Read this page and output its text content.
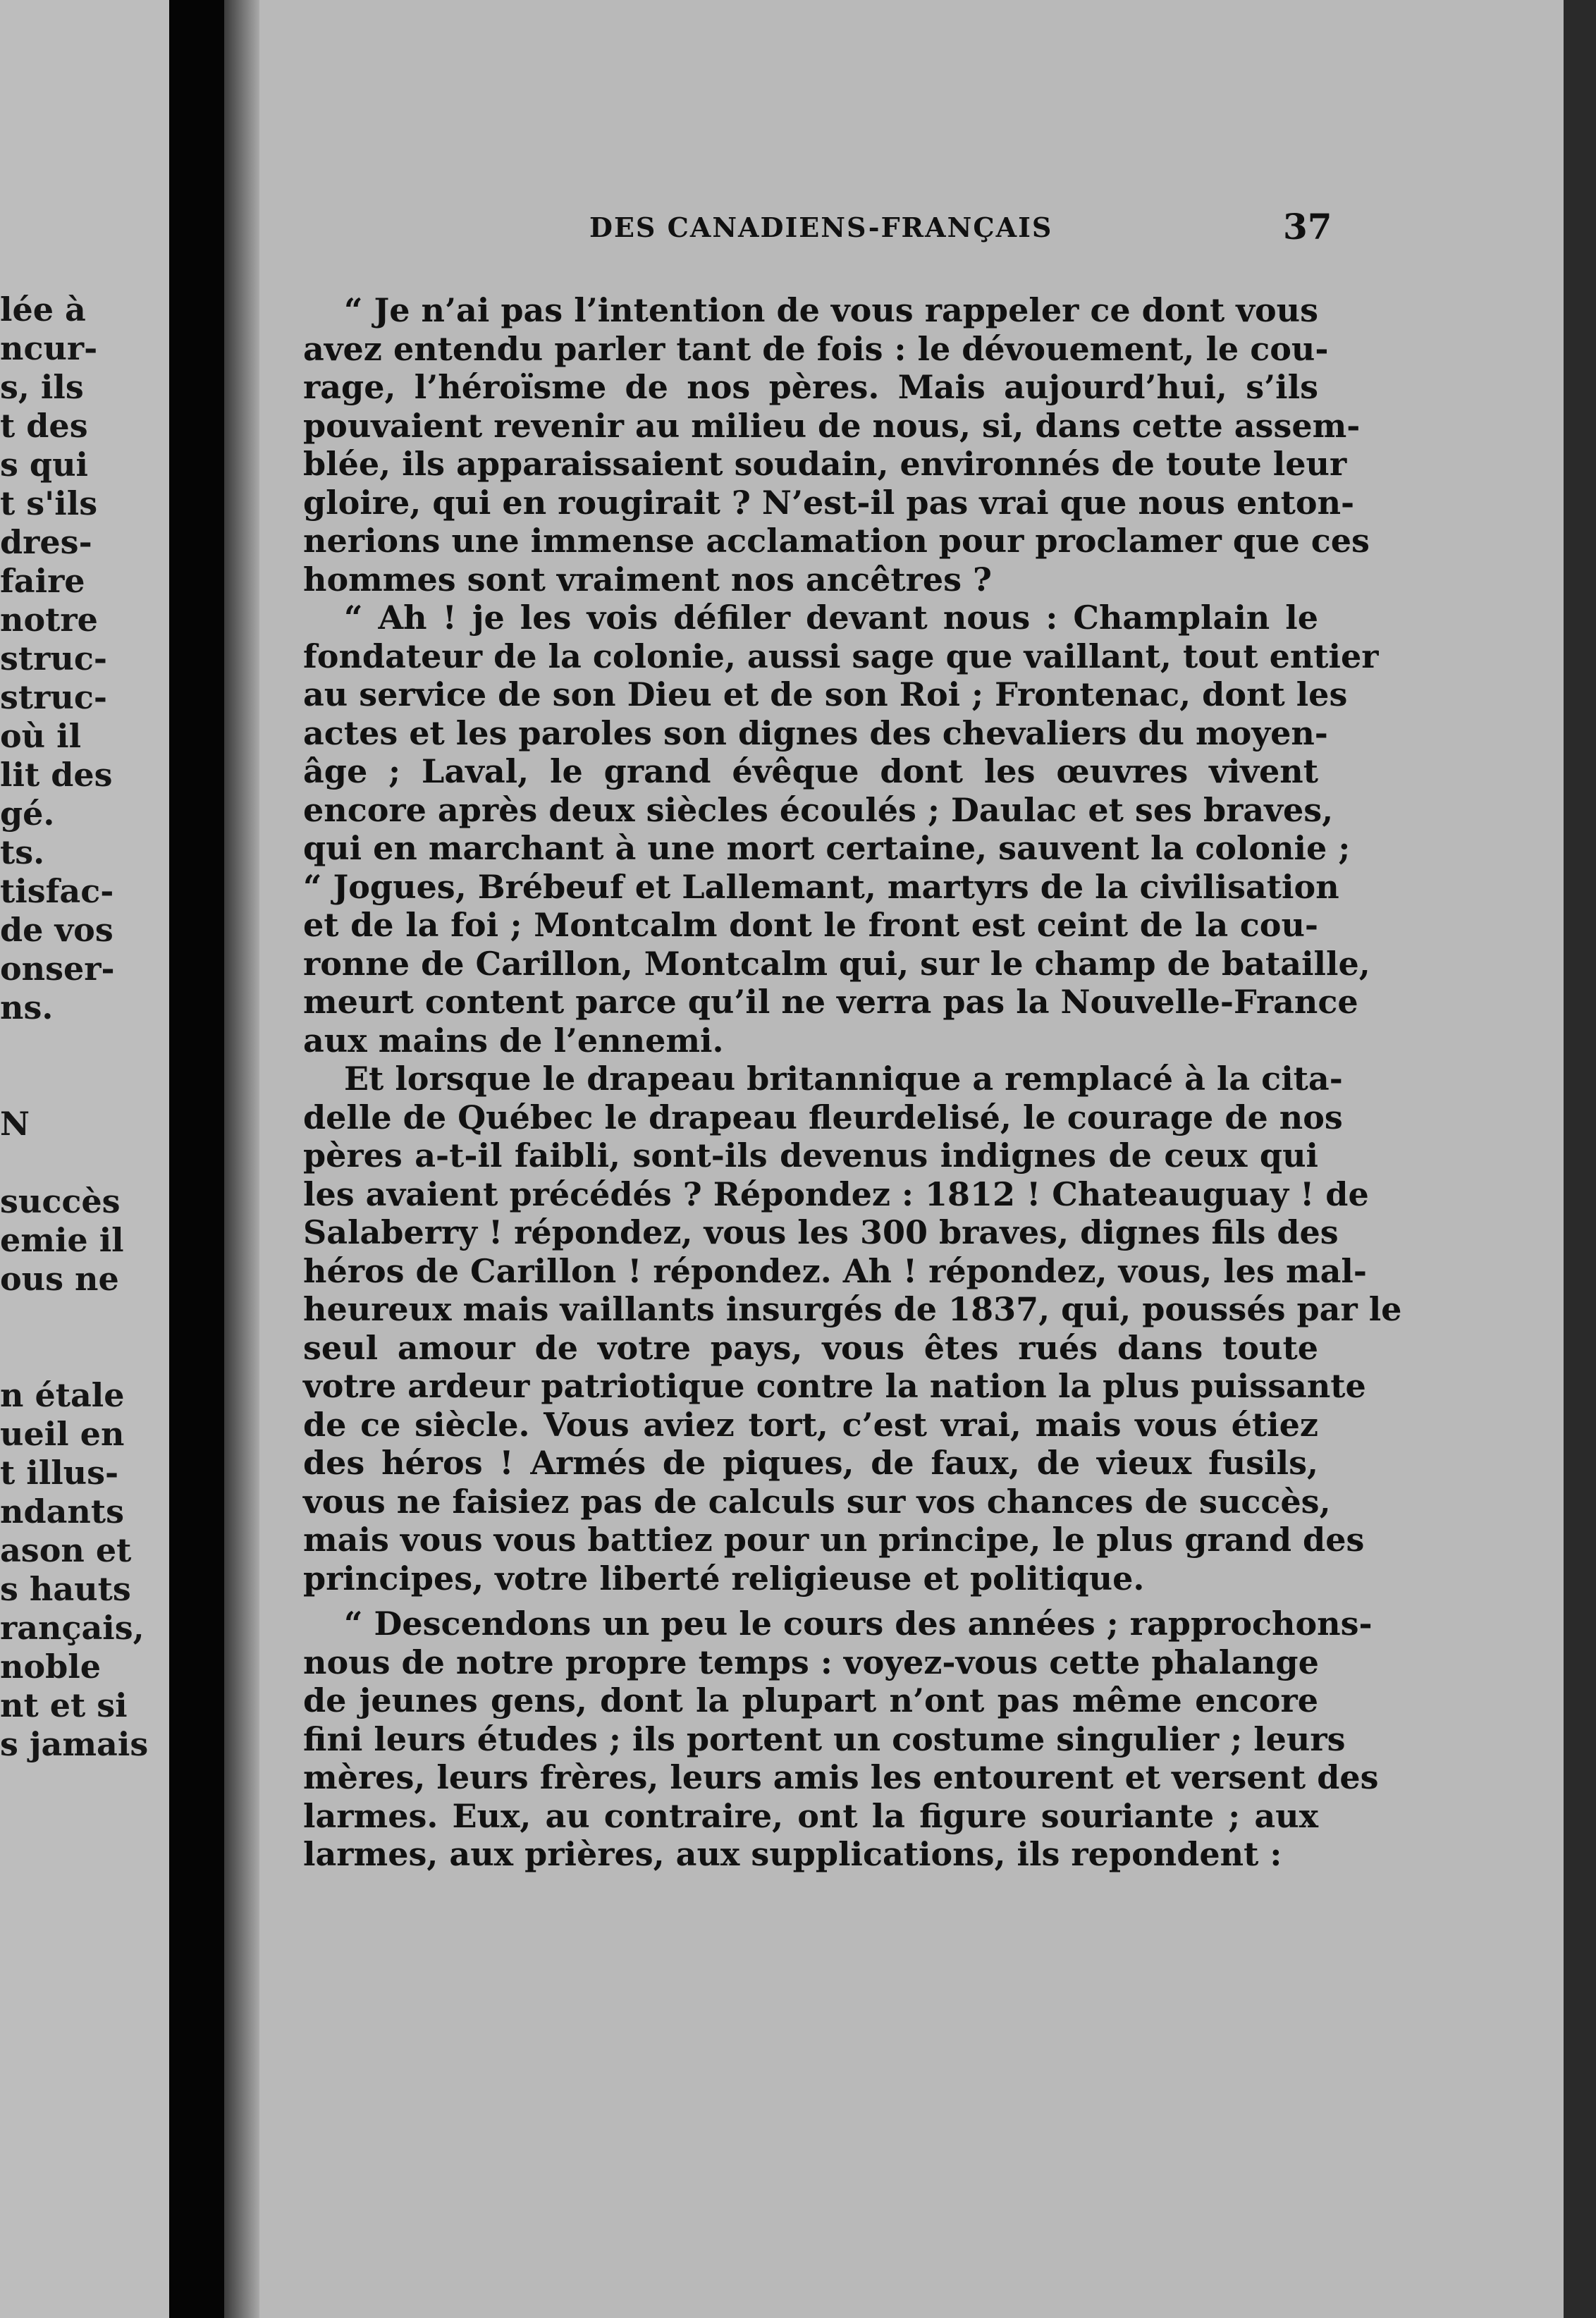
lée à
ncur-
s, ils
t des
s qui
t s'ils
dres-
faire
notre
struc-
struc-
où il
lit des
gé.
ts.
tisfac-
de vos
onser-
ns.
N
succès
emie il
ous ne
n étale
ueil en
t illus-
ndants
ason et
s hauts
rançais,
noble
nt et si
s jamais
DES CANADIENS-FRANÇAIS	37
“ Je n’ai pas l’intention de vous rappeler ce dont vous
avez entendu parler tant de fois : le dévouement, le cou-
rage, l’héroïsme de nos pères. Mais aujourd’hui, s’ils
pouvaient revenir au milieu de nous, si, dans cette assem-
blée, ils apparaissaient soudain, environnés de toute leur
gloire, qui en rougirait ? N’est-il pas vrai que nous enton-
nerions une immense acclamation pour proclamer que ces
hommes sont vraiment nos ancêtres ?
“ Ah ! je les vois défiler devant nous : Champlain le
fondateur de la colonie, aussi sage que vaillant, tout entier
au service de son Dieu et de son Roi ; Frontenac, dont les
actes et les paroles son dignes des chevaliers du moyen-
âge ; Laval, le grand évêque dont les œuvres vivent
encore après deux siècles écoulés ; Daulac et ses braves,
qui en marchant à une mort certaine, sauvent la colonie ;
“ Jogues, Brébeuf et Lallemant, martyrs de la civilisation
et de la foi ; Montcalm dont le front est ceint de la cou-
ronne de Carillon, Montcalm qui, sur le champ de bataille,
meurt content parce qu’il ne verra pas la Nouvelle-France
aux mains de l’ennemi.
Et lorsque le drapeau britannique a remplacé à la cita-
delle de Québec le drapeau fleurdelisé, le courage de nos
pères a-t-il faibli, sont-ils devenus indignes de ceux qui
les avaient précédés ? Répondez : 1812 ! Chateauguay ! de
Salaberry ! répondez, vous les 300 braves, dignes fils des
héros de Carillon ! répondez. Ah ! répondez, vous, les mal-
heureux mais vaillants insurgés de 1837, qui, poussés par le
seul amour de votre pays, vous êtes rués dans toute
votre ardeur patriotique contre la nation la plus puissante
de ce siècle. Vous aviez tort, c’est vrai, mais vous étiez
des héros ! Armés de piques, de faux, de vieux fusils,
vous ne faisiez pas de calculs sur vos chances de succès,
mais vous vous battiez pour un principe, le plus grand des
principes, votre liberté religieuse et politique.
“ Descendons un peu le cours des années ; rapprochons-
nous de notre propre temps : voyez-vous cette phalange
de jeunes gens, dont la plupart n’ont pas même encore
fini leurs études ; ils portent un costume singulier ; leurs
mères, leurs frères, leurs amis les entourent et versent des
larmes. Eux, au contraire, ont la figure souriante ; aux
larmes, aux prières, aux supplications, ils repondent :
